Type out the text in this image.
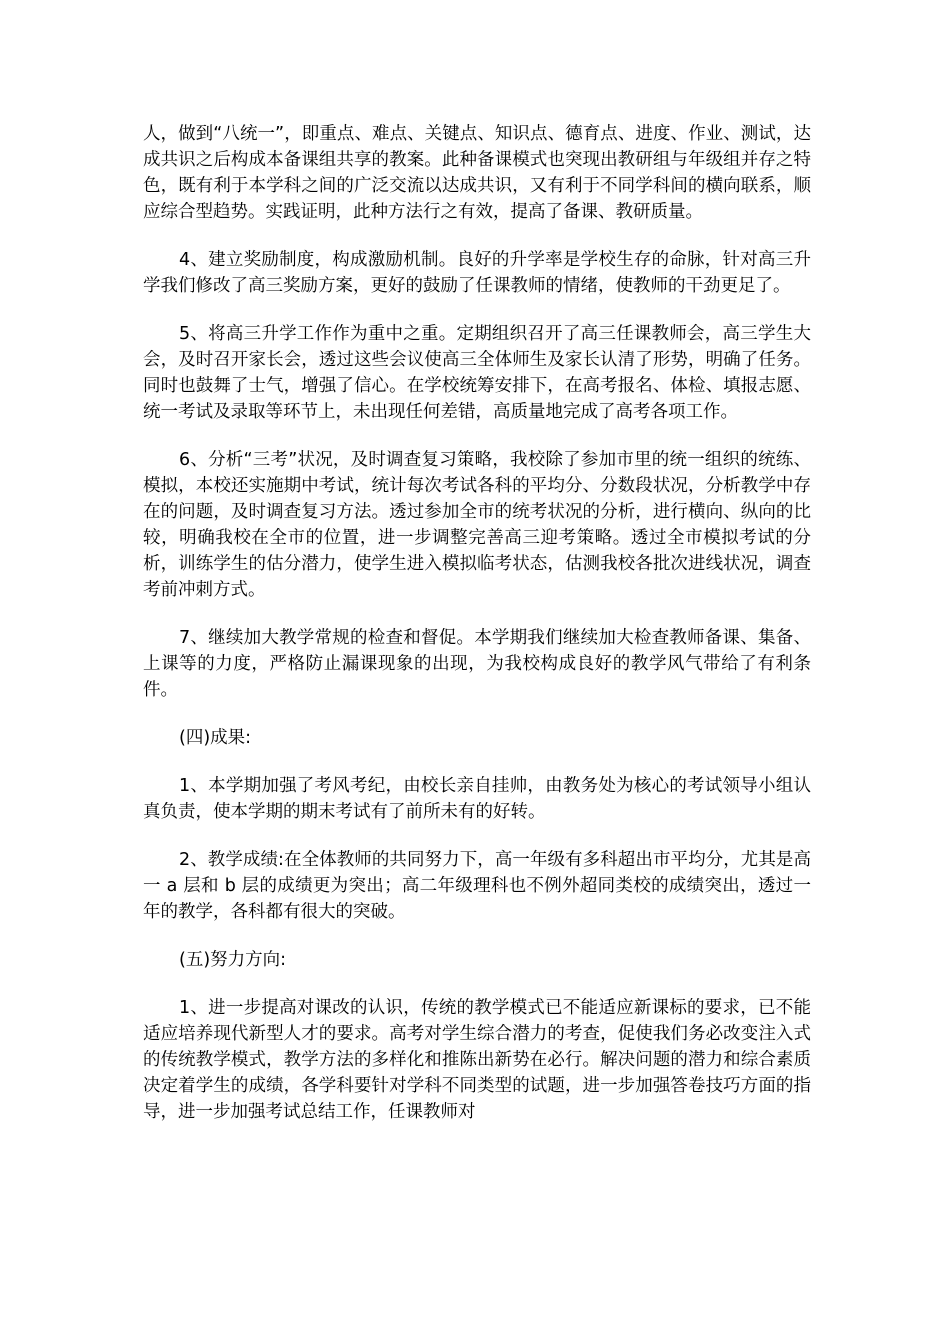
人，做到“八统一”，即重点、难点、关键点、知识点、德育点、进度、作业、测试，达成共识之后构成本备课组共享的教案。此种备课模式也突现出教研组与年级组并存之特色，既有利于本学科之间的广泛交流以达成共识，又有利于不同学科间的横向联系，顺应综合型趋势。实践证明，此种方法行之有效，提高了备课、教研质量。

4、建立奖励制度，构成激励机制。良好的升学率是学校生存的命脉，针对高三升学我们修改了高三奖励方案，更好的鼓励了任课教师的情绪，使教师的干劲更足了。

5、将高三升学工作作为重中之重。定期组织召开了高三任课教师会，高三学生大会，及时召开家长会，透过这些会议使高三全体师生及家长认清了形势，明确了任务。同时也鼓舞了士气，增强了信心。在学校统筹安排下，在高考报名、体检、填报志愿、统一考试及录取等环节上，未出现任何差错，高质量地完成了高考各项工作。

6、分析“三考”状况，及时调查复习策略，我校除了参加市里的统一组织的统练、模拟，本校还实施期中考试，统计每次考试各科的平均分、分数段状况，分析教学中存在的问题，及时调查复习方法。透过参加全市的统考状况的分析，进行横向、纵向的比较，明确我校在全市的位置，进一步调整完善高三迎考策略。透过全市模拟考试的分析，训练学生的估分潜力，使学生进入模拟临考状态，估测我校各批次进线状况，调查考前冲刺方式。

7、继续加大教学常规的检查和督促。本学期我们继续加大检查教师备课、集备、上课等的力度，严格防止漏课现象的出现，为我校构成良好的教学风气带给了有利条件。

(四)成果:

1、本学期加强了考风考纪，由校长亲自挂帅，由教务处为核心的考试领导小组认真负责，使本学期的期末考试有了前所未有的好转。

2、教学成绩:在全体教师的共同努力下，高一年级有多科超出市平均分，尤其是高一 a 层和 b 层的成绩更为突出；高二年级理科也不例外超同类校的成绩突出，透过一年的教学，各科都有很大的突破。

(五)努力方向:

1、进一步提高对课改的认识，传统的教学模式已不能适应新课标的要求，已不能适应培养现代新型人才的要求。高考对学生综合潜力的考查，促使我们务必改变注入式的传统教学模式，教学方法的多样化和推陈出新势在必行。解决问题的潜力和综合素质决定着学生的成绩，各学科要针对学科不同类型的试题，进一步加强答卷技巧方面的指导，进一步加强考试总结工作，任课教师对
